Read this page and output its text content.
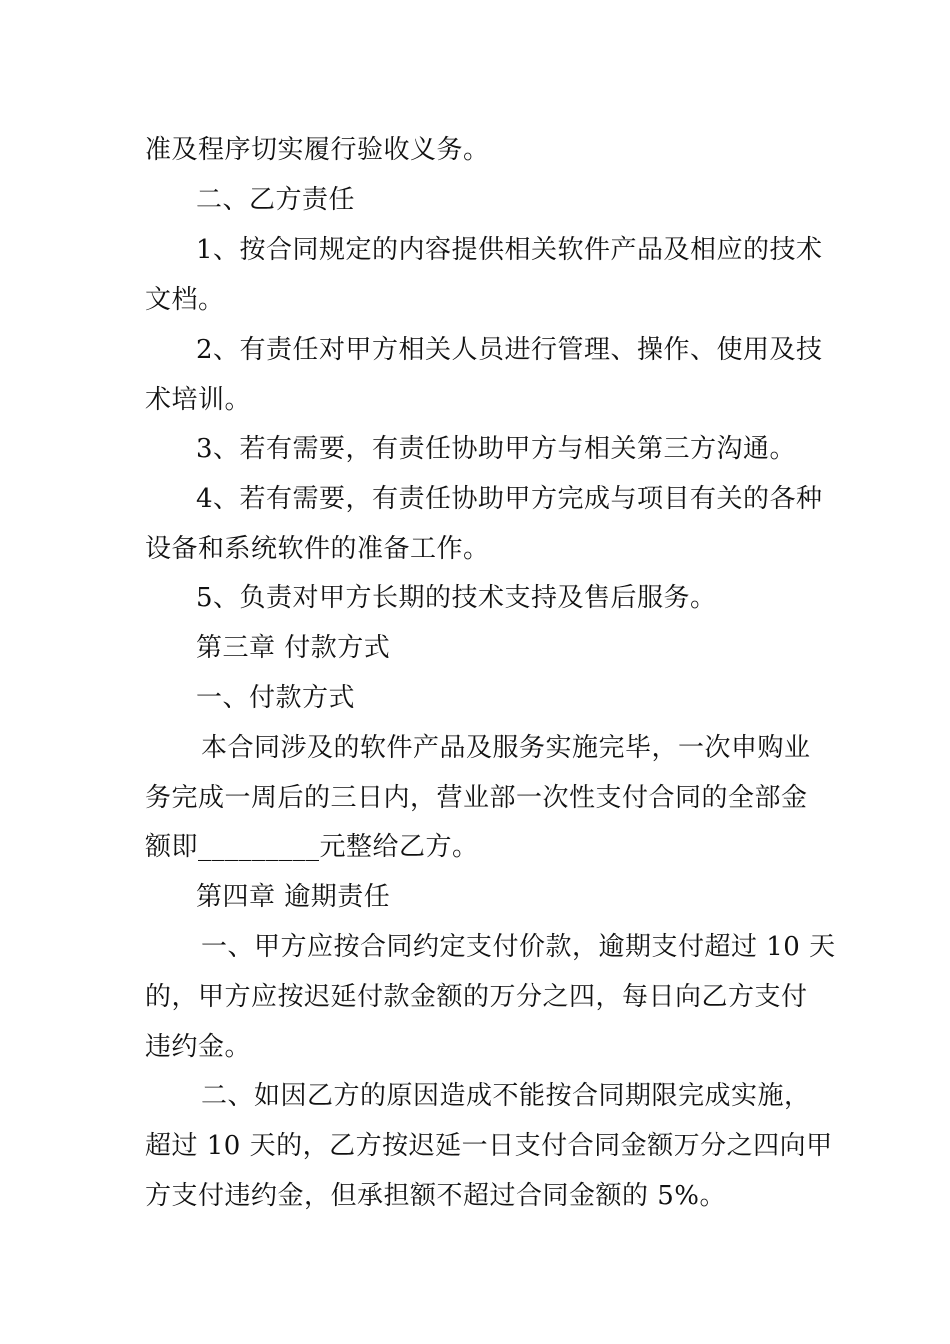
准及程序切实履行验收义务。
二、乙方责任
1、按合同规定的内容提供相关软件产品及相应的技术
文档。
2、有责任对甲方相关人员进行管理、操作、使用及技
术培训。
3、若有需要，有责任协助甲方与相关第三方沟通。
4、若有需要，有责任协助甲方完成与项目有关的各种
设备和系统软件的准备工作。
5、负责对甲方长期的技术支持及售后服务。
第三章 付款方式
一、付款方式
本合同涉及的软件产品及服务实施完毕，一次申购业
务完成一周后的三日内，营业部一次性支付合同的全部金
额即_________元整给乙方。
第四章 逾期责任
一、甲方应按合同约定支付价款，逾期支付超过 10 天
的，甲方应按迟延付款金额的万分之四，每日向乙方支付
违约金。
二、如因乙方的原因造成不能按合同期限完成实施，
超过 10 天的，乙方按迟延一日支付合同金额万分之四向甲
方支付违约金，但承担额不超过合同金额的 5%。
